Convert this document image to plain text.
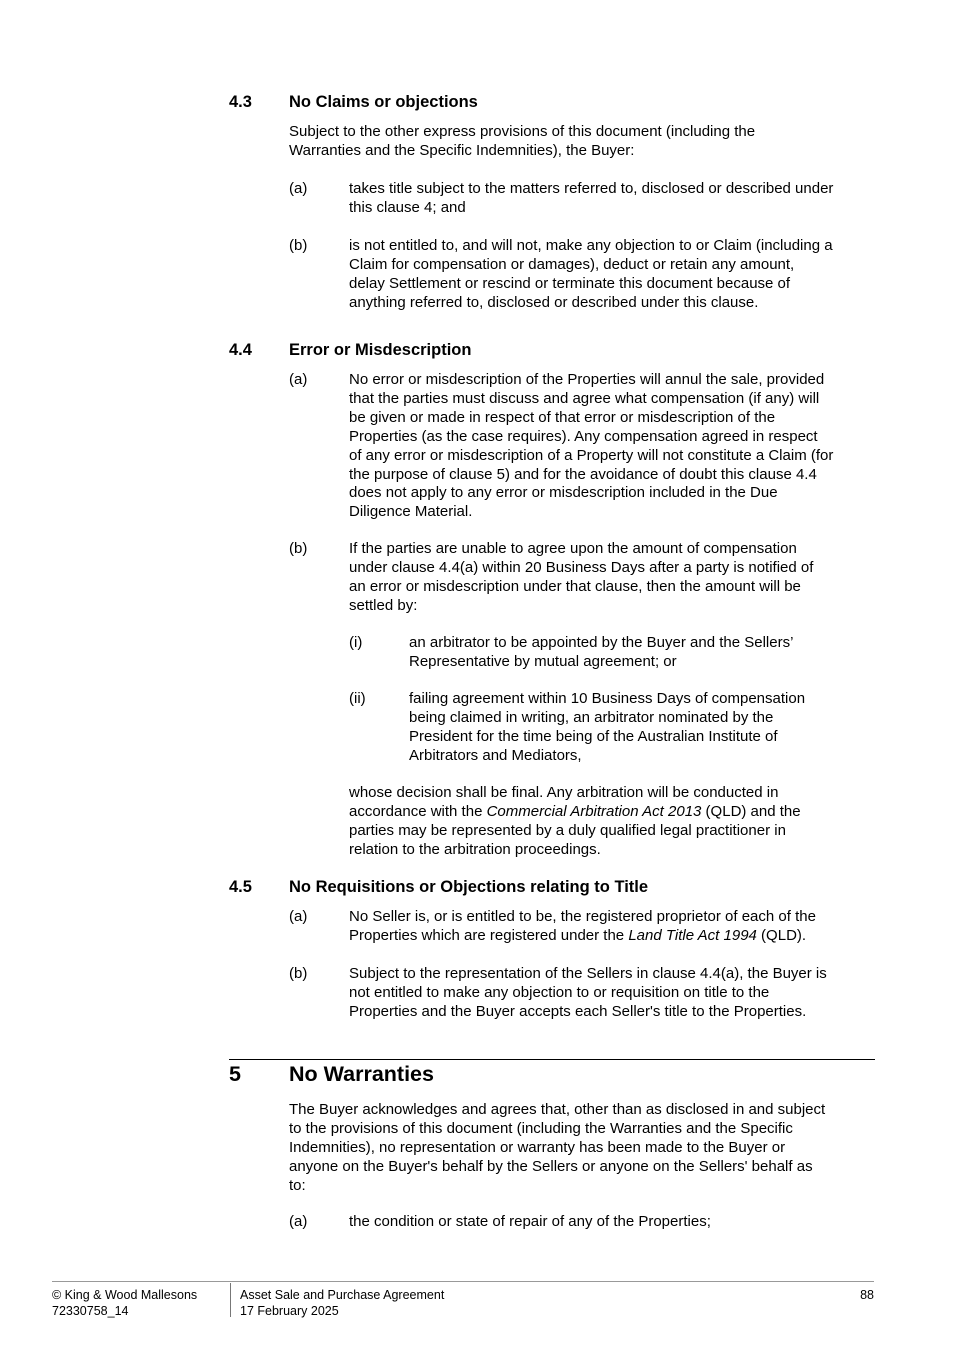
4.3 No Claims or objections
Subject to the other express provisions of this document (including the
Warranties and the Specific Indemnities), the Buyer:
(a)	takes title subject to the matters referred to, disclosed or described under
this clause 4; and
(b)	is not entitled to, and will not, make any objection to or Claim (including a
Claim for compensation or damages), deduct or retain any amount,
delay Settlement or rescind or terminate this document because of
anything referred to, disclosed or described under this clause.
4.4 Error or Misdescription
(a)	No error or misdescription of the Properties will annul the sale, provided
that the parties must discuss and agree what compensation (if any) will
be given or made in respect of that error or misdescription of the
Properties (as the case requires). Any compensation agreed in respect
of any error or misdescription of a Property will not constitute a Claim (for
the purpose of clause 5) and for the avoidance of doubt this clause 4.4
does not apply to any error or misdescription included in the Due
Diligence Material.
(b)	If the parties are unable to agree upon the amount of compensation
under clause 4.4(a) within 20 Business Days after a party is notified of
an error or misdescription under that clause, then the amount will be
settled by:
(i)	an arbitrator to be appointed by the Buyer and the Sellers’
Representative by mutual agreement; or
(ii)	failing agreement within 10 Business Days of compensation
being claimed in writing, an arbitrator nominated by the
President for the time being of the Australian Institute of
Arbitrators and Mediators,
whose decision shall be final. Any arbitration will be conducted in
accordance with the Commercial Arbitration Act 2013 (QLD) and the
parties may be represented by a duly qualified legal practitioner in
relation to the arbitration proceedings.
4.5 No Requisitions or Objections relating to Title
(a)	No Seller is, or is entitled to be, the registered proprietor of each of the
Properties which are registered under the Land Title Act 1994 (QLD).
(b)	Subject to the representation of the Sellers in clause 4.4(a), the Buyer is
not entitled to make any objection to or requisition on title to the
Properties and the Buyer accepts each Seller's title to the Properties.
5 No Warranties
The Buyer acknowledges and agrees that, other than as disclosed in and subject
to the provisions of this document (including the Warranties and the Specific
Indemnities), no representation or warranty has been made to the Buyer or
anyone on the Buyer's behalf by the Sellers or anyone on the Sellers' behalf as
to:
(a)	the condition or state of repair of any of the Properties;
© King & Wood Mallesons
72330758_14
Asset Sale and Purchase Agreement
17 February 2025
88
